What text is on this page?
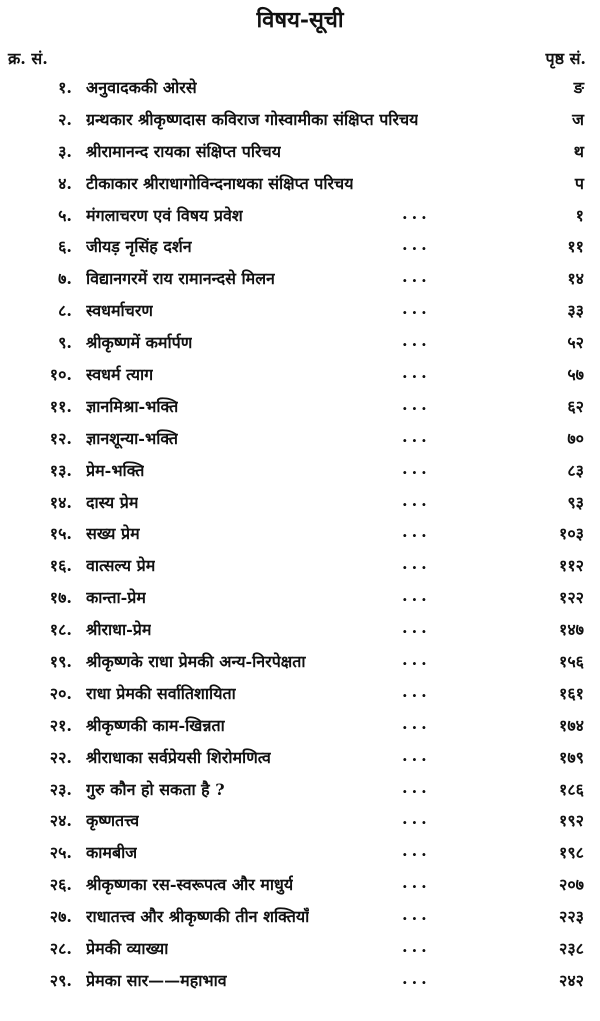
विषय-सूची
क्र. सं.	पृष्ठ सं.
१. अनुवादककी ओरसे	ङ
२. ग्रन्थकार श्रीकृष्णदास कविराज गोस्वामीका संक्षिप्त परिचय	ज
३. श्रीरामानन्द रायका संक्षिप्त परिचय	थ
४. टीकाकार श्रीराधागोविन्दनाथका संक्षिप्त परिचय	प
५. मंगलाचरण एवं विषय प्रवेश	...	१
६. जीयड़ नृसिंह दर्शन	...	११
७. विद्यानगरमें राय रामानन्दसे मिलन	...	१४
८. स्वधर्माचरण	...	३३
९. श्रीकृष्णमें कर्मार्पण	...	५२
१०. स्वधर्म त्याग	...	५७
११. ज्ञानमिश्रा-भक्ति	...	६२
१२. ज्ञानशून्या-भक्ति	...	७०
१३. प्रेम-भक्ति	...	८३
१४. दास्य प्रेम	...	९३
१५. सख्य प्रेम	...	१०३
१६. वात्सल्य प्रेम	...	११२
१७. कान्ता-प्रेम	...	१२२
१८. श्रीराधा-प्रेम	...	१४७
१९. श्रीकृष्णके राधा प्रेमकी अन्य-निरपेक्षता	...	१५६
२०. राधा प्रेमकी सर्वातिशायिता	...	१६१
२१. श्रीकृष्णकी काम-खिन्नता	...	१७४
२२. श्रीराधाका सर्वप्रेयसी शिरोमणित्व	...	१७९
२३. गुरु कौन हो सकता है ?	...	१८६
२४. कृष्णतत्त्व	...	१९२
२५. कामबीज	...	१९८
२६. श्रीकृष्णका रस-स्वरूपत्व और माधुर्य	...	२०७
२७. राधातत्त्व और श्रीकृष्णकी तीन शक्तियाँ	...	२२३
२८. प्रेमकी व्याख्या	...	२३८
२९. प्रेमका सार——महाभाव	...	२४२
